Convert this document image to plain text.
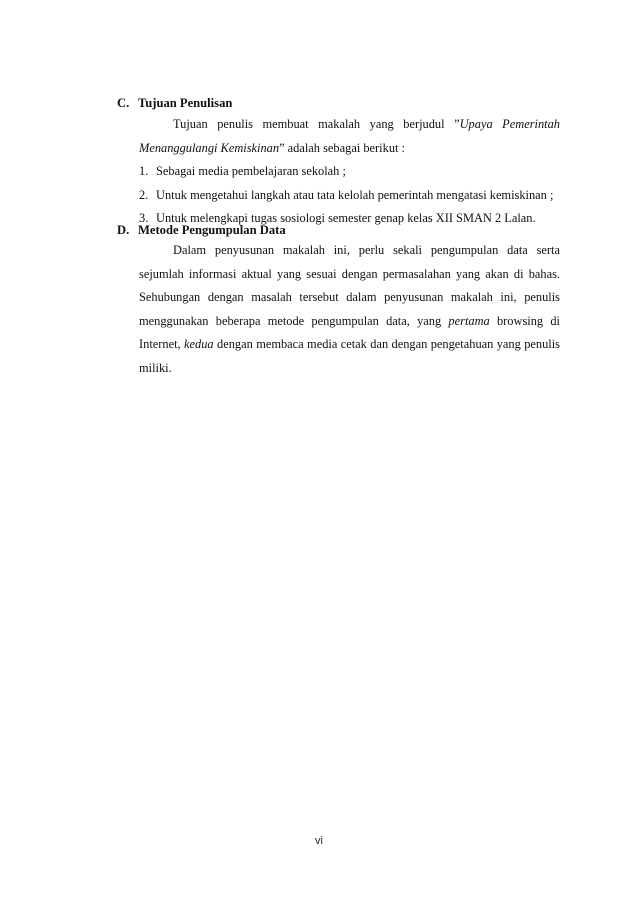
C. Tujuan Penulisan

Tujuan penulis membuat makalah yang berjudul ”Upaya Pemerintah Menanggulangi Kemiskinan” adalah sebagai berikut :

1. Sebagai media pembelajaran sekolah ;
2. Untuk mengetahui langkah atau tata kelolah pemerintah mengatasi kemiskinan ;
3. Untuk melengkapi tugas sosiologi semester genap kelas XII SMAN 2 Lalan.
D. Metode Pengumpulan Data

Dalam penyusunan makalah ini, perlu sekali pengumpulan data serta sejumlah informasi aktual yang sesuai dengan permasalahan yang akan di bahas. Sehubungan dengan masalah tersebut dalam penyusunan makalah ini, penulis menggunakan beberapa metode pengumpulan data, yang pertama browsing di Internet, kedua dengan membaca media cetak dan dengan pengetahuan yang penulis miliki.

vi
